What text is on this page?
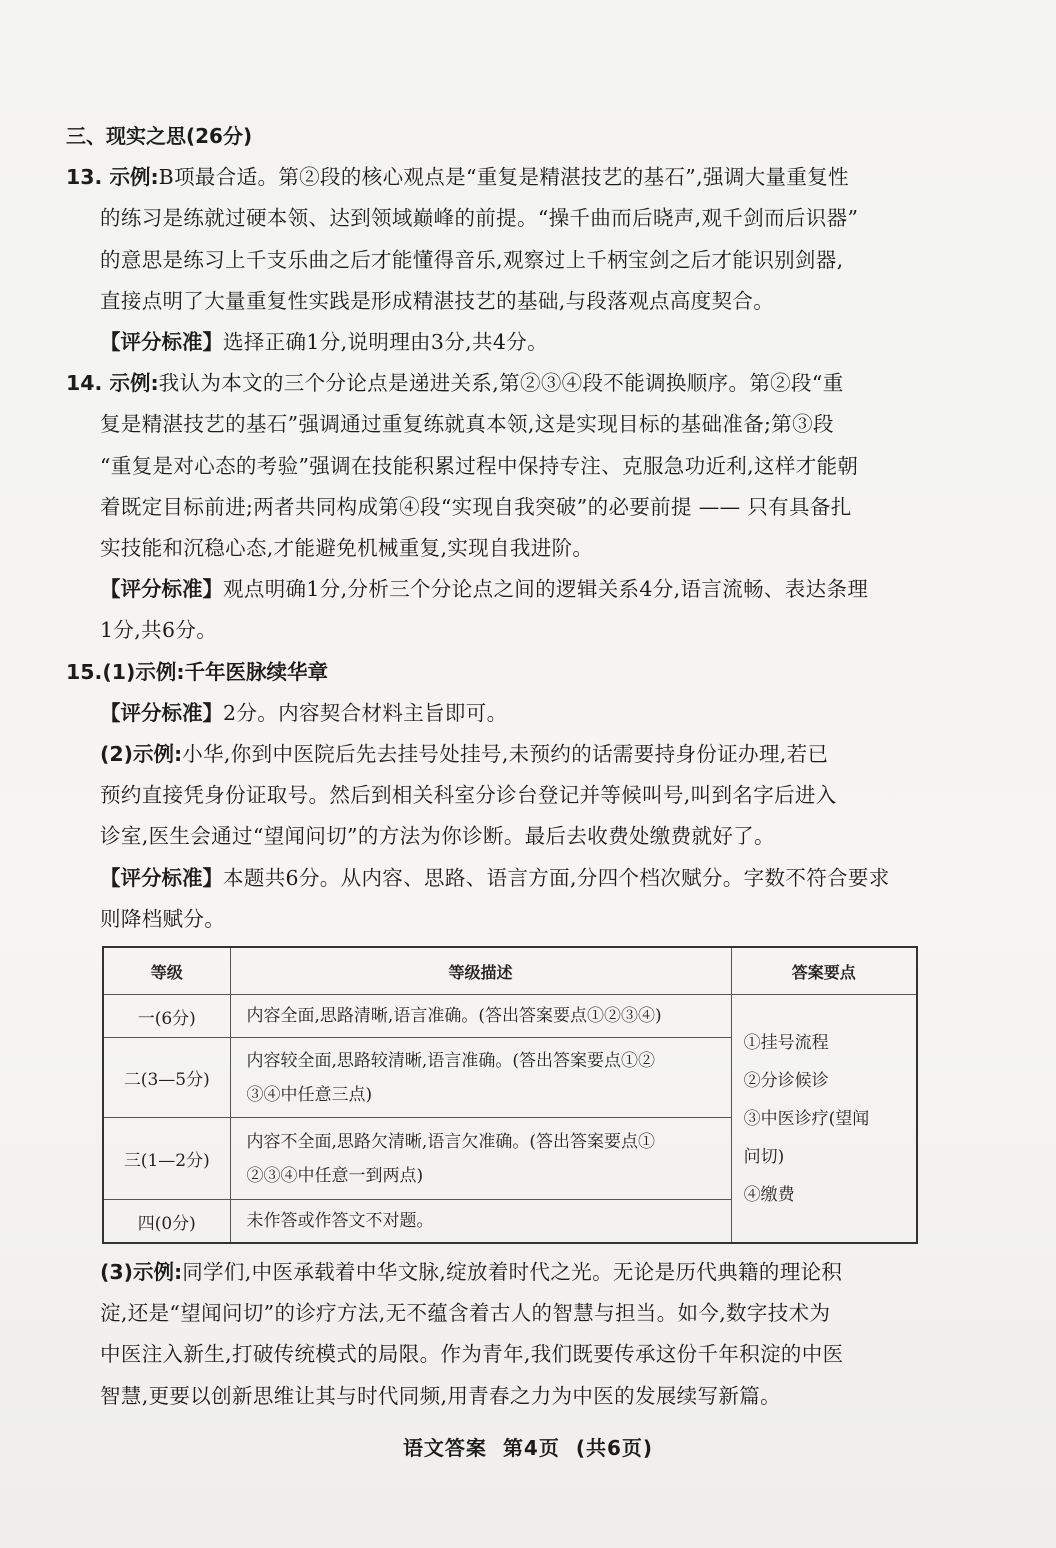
三、现实之思(26分)
13. 示例:B项最合适。第②段的核心观点是“重复是精湛技艺的基石”,强调大量重复性
的练习是练就过硬本领、达到领域巅峰的前提。“操千曲而后晓声,观千剑而后识器”
的意思是练习上千支乐曲之后才能懂得音乐,观察过上千柄宝剑之后才能识别剑器,
直接点明了大量重复性实践是形成精湛技艺的基础,与段落观点高度契合。
【评分标准】选择正确1分,说明理由3分,共4分。
14. 示例:我认为本文的三个分论点是递进关系,第②③④段不能调换顺序。第②段“重
复是精湛技艺的基石”强调通过重复练就真本领,这是实现目标的基础准备;第③段
“重复是对心态的考验”强调在技能积累过程中保持专注、克服急功近利,这样才能朝
着既定目标前进;两者共同构成第④段“实现自我突破”的必要前提 —— 只有具备扎
实技能和沉稳心态,才能避免机械重复,实现自我进阶。
【评分标准】观点明确1分,分析三个分论点之间的逻辑关系4分,语言流畅、表达条理
1分,共6分。
15.(1)示例:千年医脉续华章
【评分标准】2分。内容契合材料主旨即可。
(2)示例:小华,你到中医院后先去挂号处挂号,未预约的话需要持身份证办理,若已
预约直接凭身份证取号。然后到相关科室分诊台登记并等候叫号,叫到名字后进入
诊室,医生会通过“望闻问切”的方法为你诊断。最后去收费处缴费就好了。
【评分标准】本题共6分。从内容、思路、语言方面,分四个档次赋分。字数不符合要求
则降档赋分。
等级	等级描述	答案要点
一(6分)	内容全面,思路清晰,语言准确。(答出答案要点①②③④)	①挂号流程
②分诊候诊
③中医诊疗(望闻
问切)
④缴费

二(3—5分)	内容较全面,思路较清晰,语言准确。(答出答案要点①②
③④中任意三点)	
三(1—2分)	内容不全面,思路欠清晰,语言欠准确。(答出答案要点①
②③④中任意一到两点)	
四(0分)	未作答或作答文不对题。	
(3)示例:同学们,中医承载着中华文脉,绽放着时代之光。无论是历代典籍的理论积
淀,还是“望闻问切”的诊疗方法,无不蕴含着古人的智慧与担当。如今,数字技术为
中医注入新生,打破传统模式的局限。作为青年,我们既要传承这份千年积淀的中医
智慧,更要以创新思维让其与时代同频,用青春之力为中医的发展续写新篇。
语文答案 第4页 (共6页)
